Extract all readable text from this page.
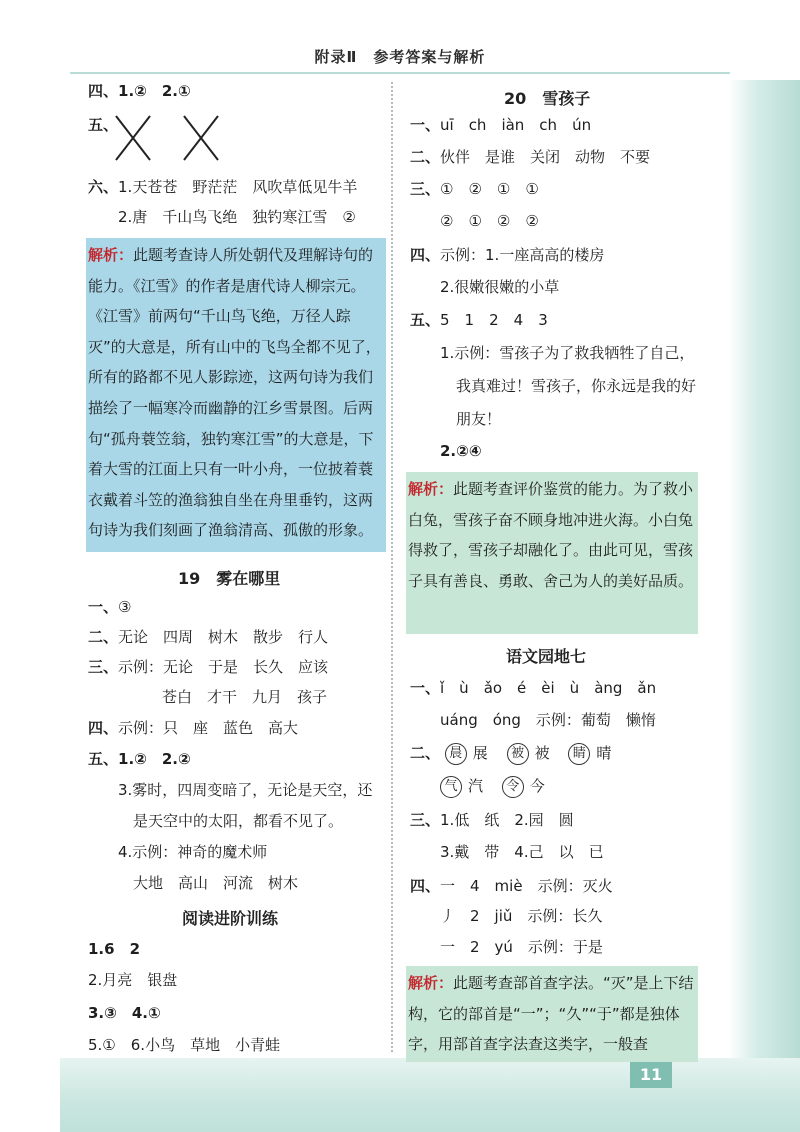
附录Ⅱ　参考答案与解析
11
四、1.②　2.①
五、
六、1.天苍苍　野茫茫　风吹草低见牛羊
2.唐　千山鸟飞绝　独钓寒江雪　②
解析：此题考查诗人所处朝代及理解诗句的能力。《江雪》的作者是唐代诗人柳宗元。《江雪》前两句“千山鸟飞绝，万径人踪灭”的大意是，所有山中的飞鸟全都不见了，所有的路都不见人影踪迹，这两句诗为我们描绘了一幅寒冷而幽静的江乡雪景图。后两句“孤舟蓑笠翁，独钓寒江雪”的大意是，下着大雪的江面上只有一叶小舟，一位披着蓑衣戴着斗笠的渔翁独自坐在舟里垂钓，这两句诗为我们刻画了渔翁清高、孤傲的形象。
19　雾在哪里
一、③
二、无论　四周　树木　散步　行人
三、示例：无论　于是　长久　应该
苍白　才干　九月　孩子
四、示例：只　座　蓝色　高大
五、1.②　2.②
3.雾时，四周变暗了，无论是天空，还
是天空中的太阳，都看不见了。
4.示例：神奇的魔术师
大地　高山　河流　树木
阅读进阶训练
1.6　2
2.月亮　银盘
3.③　4.①
5.①　6.小鸟　草地　小青蛙
20　雪孩子
一、uī　ch　iàn　ch　ún
二、伙伴　是谁　关闭　动物　不要
三、①　②　①　①
②　①　②　②
四、示例：1.一座高高的楼房
2.很嫩很嫩的小草
五、5　1　2　4　3
1.示例：雪孩子为了救我牺牲了自己，
我真难过！雪孩子，你永远是我的好
朋友！
2.②④
解析：此题考查评价鉴赏的能力。为了救小白兔，雪孩子奋不顾身地冲进火海。小白兔得救了，雪孩子却融化了。由此可见，雪孩子具有善良、勇敢、舍己为人的美好品质。
语文园地七
一、ǐ　ù　ǎo　é　èi　ù　àng　ǎn
uáng　óng　示例：葡萄　懒惰
二、 晨 展 被 被 睛 晴
气 汽 令 今
三、1.低　纸　2.园　圆
3.戴　带　4.己　以　已
四、一　4　miè　示例：灭火
丿　2　jiǔ　示例：长久
一　2　yú　示例：于是
解析：此题考查部首查字法。“灭”是上下结构，它的部首是“一”；“久”“于”都是独体字，用部首查字法查这类字，一般查
